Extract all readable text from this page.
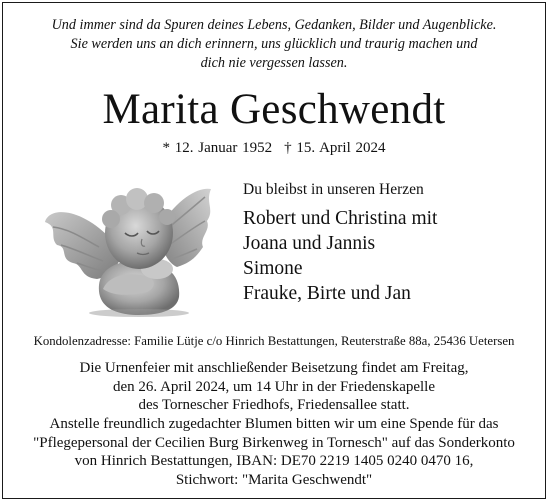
Und immer sind da Spuren deines Lebens, Gedanken, Bilder und Augenblicke.
Sie werden uns an dich erinnern, uns glücklich und traurig machen und
dich nie vergessen lassen.
Marita Geschwendt
* 12. Januar 1952 † 15. April 2024
Du bleibst in unseren Herzen
Robert und Christina mit
Joana und Jannis
Simone
Frauke, Birte und Jan
Kondolenzadresse: Familie Lütje c/o Hinrich Bestattungen, Reuterstraße 88a, 25436 Uetersen
Die Urnenfeier mit anschließender Beisetzung findet am Freitag,
den 26. April 2024, um 14 Uhr in der Friedenskapelle
des Tornescher Friedhofs, Friedensallee statt.
Anstelle freundlich zugedachter Blumen bitten wir um eine Spende für das
"Pflegepersonal der Cecilien Burg Birkenweg in Tornesch" auf das Sonderkonto
von Hinrich Bestattungen, IBAN: DE70 2219 1405 0240 0470 16,
Stichwort: "Marita Geschwendt"
